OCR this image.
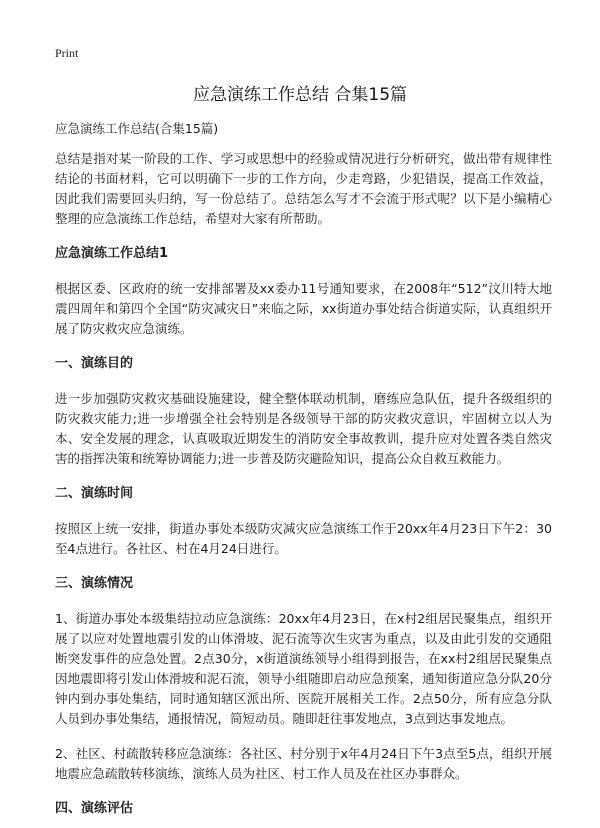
Print
应急演练工作总结 合集15篇
应急演练工作总结(合集15篇)

总结是指对某一阶段的工作、学习或思想中的经验或情况进行分析研究，做出带有规律性结论的书面材料，它可以明确下一步的工作方向，少走弯路，少犯错误，提高工作效益，因此我们需要回头归纳，写一份总结了。总结怎么写才不会流于形式呢？以下是小编精心整理的应急演练工作总结，希望对大家有所帮助。

应急演练工作总结1

根据区委、区政府的统一安排部署及xx委办11号通知要求，在2008年“512”汶川特大地震四周年和第四个全国“防灾减灾日”来临之际，xx街道办事处结合街道实际，认真组织开展了防灾救灾应急演练。

一、演练目的

进一步加强防灾救灾基础设施建设，健全整体联动机制，磨练应急队伍，提升各级组织的防灾救灾能力;进一步增强全社会特别是各级领导干部的防灾救灾意识，牢固树立以人为本、安全发展的理念，认真吸取近期发生的消防安全事故教训，提升应对处置各类自然灾害的指挥决策和统筹协调能力;进一步普及防灾避险知识，提高公众自救互救能力。

二、演练时间

按照区上统一安排，街道办事处本级防灾减灾应急演练工作于20xx年4月23日下午2：30至4点进行。各社区、村在4月24日进行。

三、演练情况

1、街道办事处本级集结拉动应急演练：20xx年4月23日，在x村2组居民聚集点，组织开展了以应对处置地震引发的山体滑坡、泥石流等次生灾害为重点，以及由此引发的交通阻断突发事件的应急处置。2点30分，x街道演练领导小组得到报告，在xx村2组居民聚集点因地震即将引发山体滑坡和泥石流，领导小组随即启动应急预案，通知街道应急分队20分钟内到办事处集结，同时通知辖区派出所、医院开展相关工作。2点50分，所有应急分队人员到办事处集结，通报情况，简短动员。随即赶往事发地点，3点到达事发地点。

2、社区、村疏散转移应急演练：各社区、村分别于x年4月24日下午3点至5点，组织开展地震应急疏散转移演练，演练人员为社区、村工作人员及在社区办事群众。

四、演练评估
